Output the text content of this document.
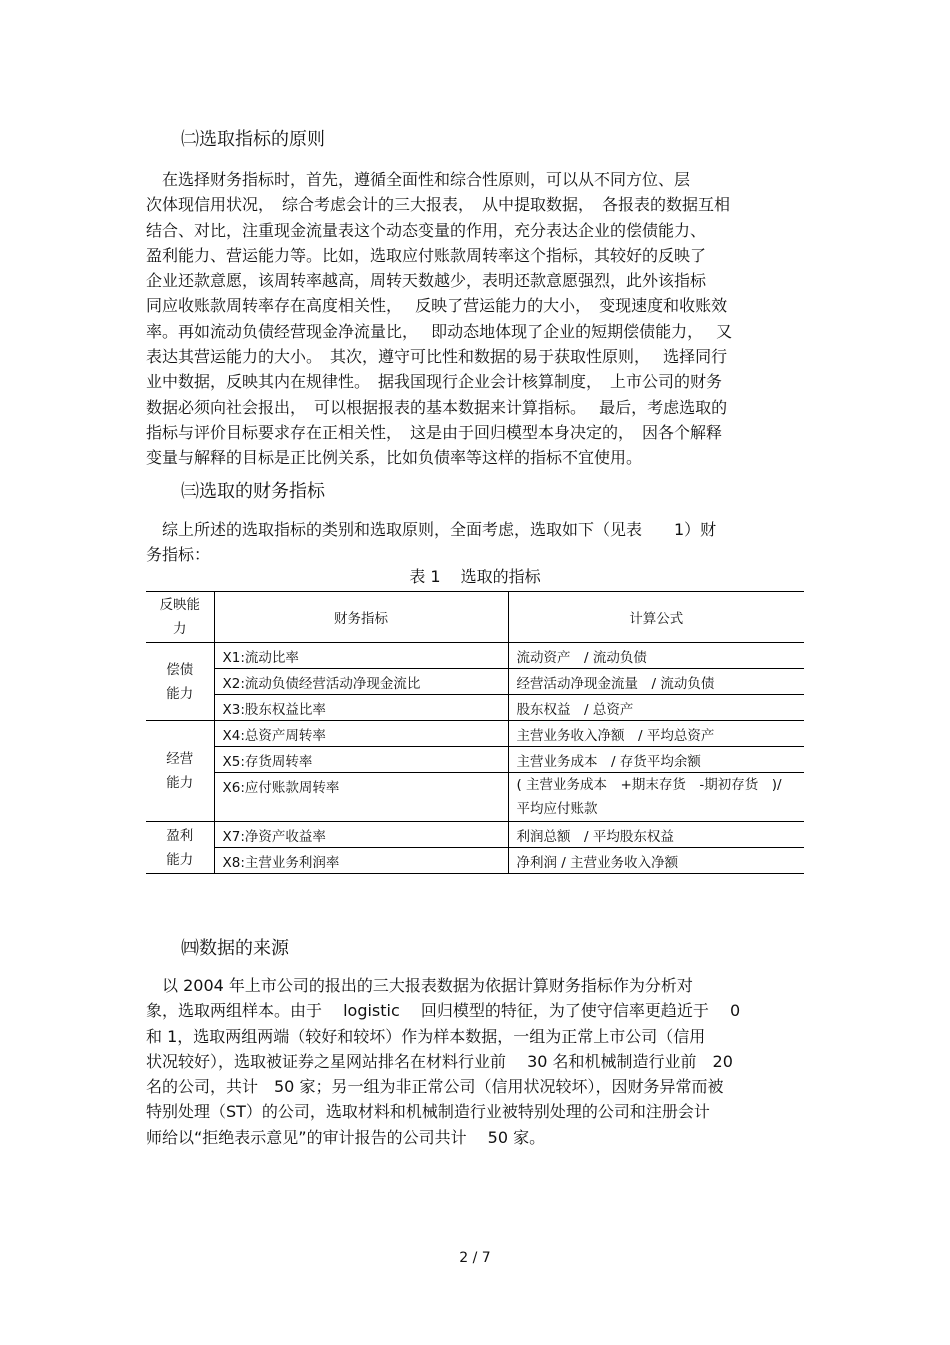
㈡选取指标的原则
　在选择财务指标时，首先，遵循全面性和综合性原则，可以从不同方位、层
次体现信用状况，　综合考虑会计的三大报表，　从中提取数据，　各报表的数据互相
结合、对比，注重现金流量表这个动态变量的作用，充分表达企业的偿债能力、
盈利能力、营运能力等。比如，选取应付账款周转率这个指标，其较好的反映了
企业还款意愿，该周转率越高，周转天数越少，表明还款意愿强烈，此外该指标
同应收账款周转率存在高度相关性，　 反映了营运能力的大小，　变现速度和收账效
率。再如流动负债经营现金净流量比，　 即动态地体现了企业的短期偿债能力，　 又
表达其营运能力的大小。　其次，遵守可比性和数据的易于获取性原则，　 选择同行
业中数据，反映其内在规律性。　据我国现行企业会计核算制度，　上市公司的财务
数据必须向社会报出，　可以根据报表的基本数据来计算指标。　 最后，考虑选取的
指标与评价目标要求存在正相关性，　这是由于回归模型本身决定的，　因各个解释
变量与解释的目标是正比例关系，比如负债率等这样的指标不宜使用。
㈢选取的财务指标
　综上所述的选取指标的类别和选取原则，全面考虑，选取如下（见表　　1）财
务指标：
表 1 选取的指标
反映能力	财务指标	计算公式

偿债能力	X1:流动比率	流动资产　/ 流动负债
	X2:流动负债经营活动净现金流比	经营活动净现金流量　/ 流动负债
	X3:股东权益比率	股东权益　/ 总资产

经营能力	X4:总资产周转率	主营业务收入净额　/ 平均总资产
	X5:存货周转率	主营业务成本　/ 存货平均余额
	X6:应付账款周转率	( 主营业务成本　+期末存货　-期初存货　)/
平均应付账款

盈利能力	X7:净资产收益率	利润总额　/ 平均股东权益
	X8:主营业务利润率	净利润 / 主营业务收入净额
㈣数据的来源
　以 2004 年上市公司的报出的三大报表数据为依据计算财务指标作为分析对
象，选取两组样本。由于　 logistic　 回归模型的特征，为了使守信率更趋近于　 0
和 1，选取两组两端（较好和较坏）作为样本数据，一组为正常上市公司（信用
状况较好），选取被证券之星网站排名在材料行业前　 30 名和机械制造行业前　20
名的公司，共计　50 家；另一组为非正常公司（信用状况较坏），因财务异常而被
特别处理（ST）的公司，选取材料和机械制造行业被特别处理的公司和注册会计
师给以“拒绝表示意见”的审计报告的公司共计　 50 家。
2 / 7
